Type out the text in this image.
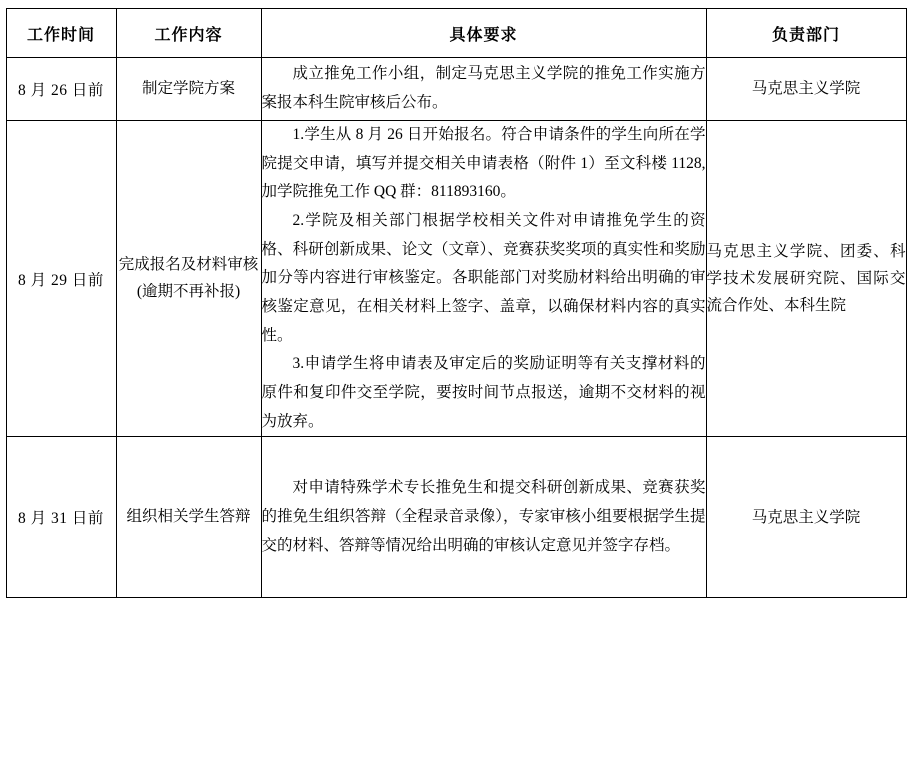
工作时间	工作内容	具体要求	负责部门
8 月 26 日前	制定学院方案	成立推免工作小组，制定马克思主义学院的推免工作实施方案报本科生院审核后公布。	马克思主义学院
8 月 29 日前	完成报名及材料审核(逾期不再补报)	1.学生从 8 月 26 日开始报名。符合申请条件的学生向所在学院提交申请，填写并提交相关申请表格（附件 1）至文科楼 1128,加学院推免工作 QQ 群：811893160。

2.学院及相关部门根据学校相关文件对申请推免学生的资格、科研创新成果、论文（文章）、竞赛获奖奖项的真实性和奖励加分等内容进行审核鉴定。各职能部门对奖励材料给出明确的审核鉴定意见，在相关材料上签字、盖章，以确保材料内容的真实性。

3.申请学生将申请表及审定后的奖励证明等有关支撑材料的原件和复印件交至学院，要按时间节点报送，逾期不交材料的视为放弃。	马克思主义学院、团委、科学技术发展研究院、国际交流合作处、本科生院
8 月 31 日前	组织相关学生答辩	对申请特殊学术专长推免生和提交科研创新成果、竞赛获奖的推免生组织答辩（全程录音录像），专家审核小组要根据学生提交的材料、答辩等情况给出明确的审核认定意见并签字存档。	马克思主义学院
